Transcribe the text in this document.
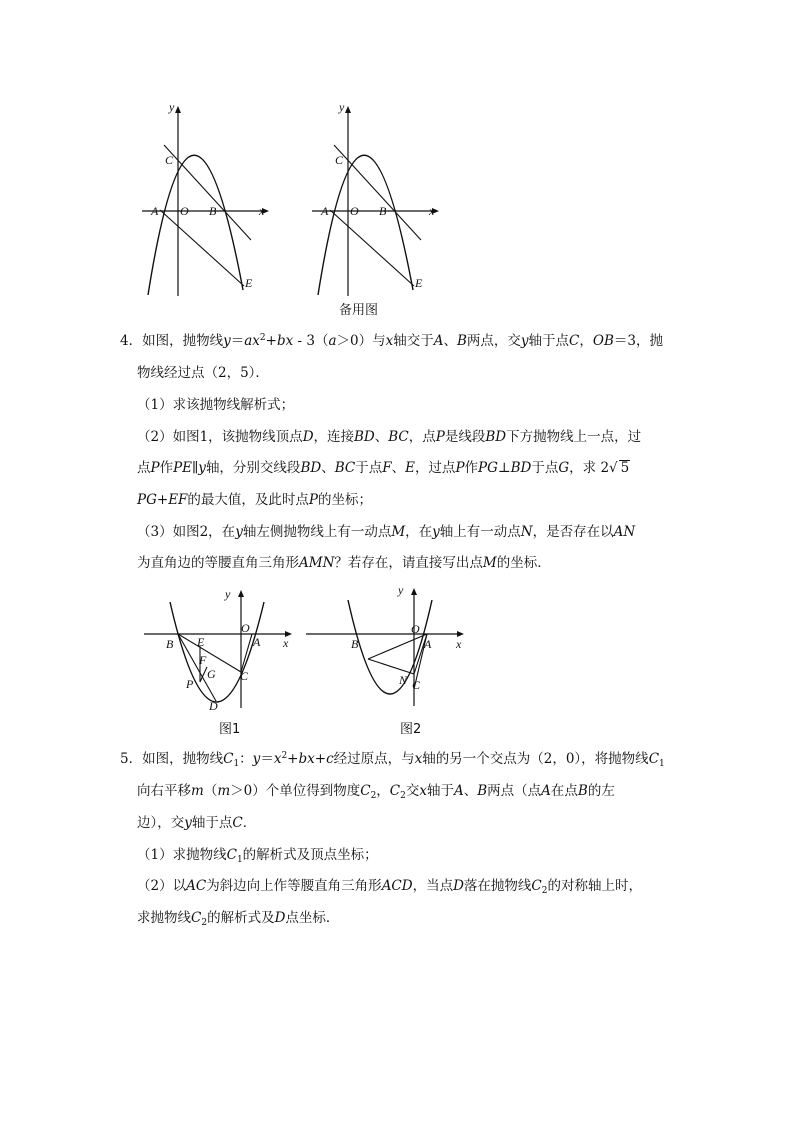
y
x
C
A O B
E
y
x
C
A O B
E
备用图
4．如图，抛物线$y=ax^2+bx - 3(a>0)$与x轴交于A、B两点，交y轴于点C，OB＝3，抛
物线经过点（2，5）．
（1）求该抛物线解析式；
（2）如图1，该抛物线顶点D，连接BD、BC，点P是线段BD下方抛物线上一点，过
点P作PE∥y轴，分别交线段BD、BC于点F、E，过点P作PG⊥BD于点G，求 2√ 5
PG+EF的最大值，及此时点P的坐标；
（3）如图2，在y轴左侧抛物线上有一动点M，在y轴上有一动点N，是否存在以AN
为直角边的等腰直角三角形AMN？若存在，请直接写出点M的坐标．
y
x
B E
O
A
F
G C
P
D
图1
y
x
B
O
A
N C
图2
5．如图，抛物线$C_1$：$y=x^2+bx+c$经过原点，与x轴的另一个交点为（2，0），将抛物线$C_1$
向右平移m（m＞0）个单位得到物度$C_2$，$C_2$交x轴于A、B两点（点A在点B的左
边），交y轴于点C．
（1）求抛物线$C_1$的解析式及顶点坐标；
（2）以AC为斜边向上作等腰直角三角形ACD，当点D落在抛物线$C_2$的对称轴上时，
求抛物线$C_2$的解析式及D点坐标．
